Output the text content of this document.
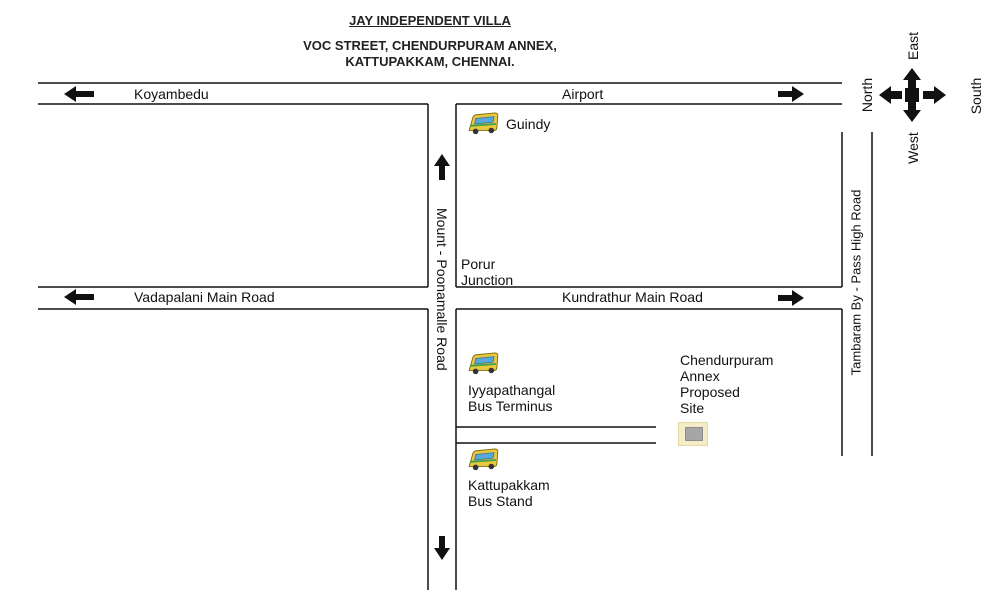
JAY INDEPENDENT VILLA
VOC STREET, CHENDURPURAM ANNEX,
KATTUPAKKAM, CHENNAI.
North
East
South
West
Koyambedu	Airport
Vadapalani Main Road	Kundrathur Main Road
Mount - Poonamalle Road	Tambaram By - Pass High Road
Guindy
Porur
Junction
Iyyapathangal
Bus Terminus
Kattupakkam
Bus Stand
Chendurpuram
Annex
Proposed
Site
